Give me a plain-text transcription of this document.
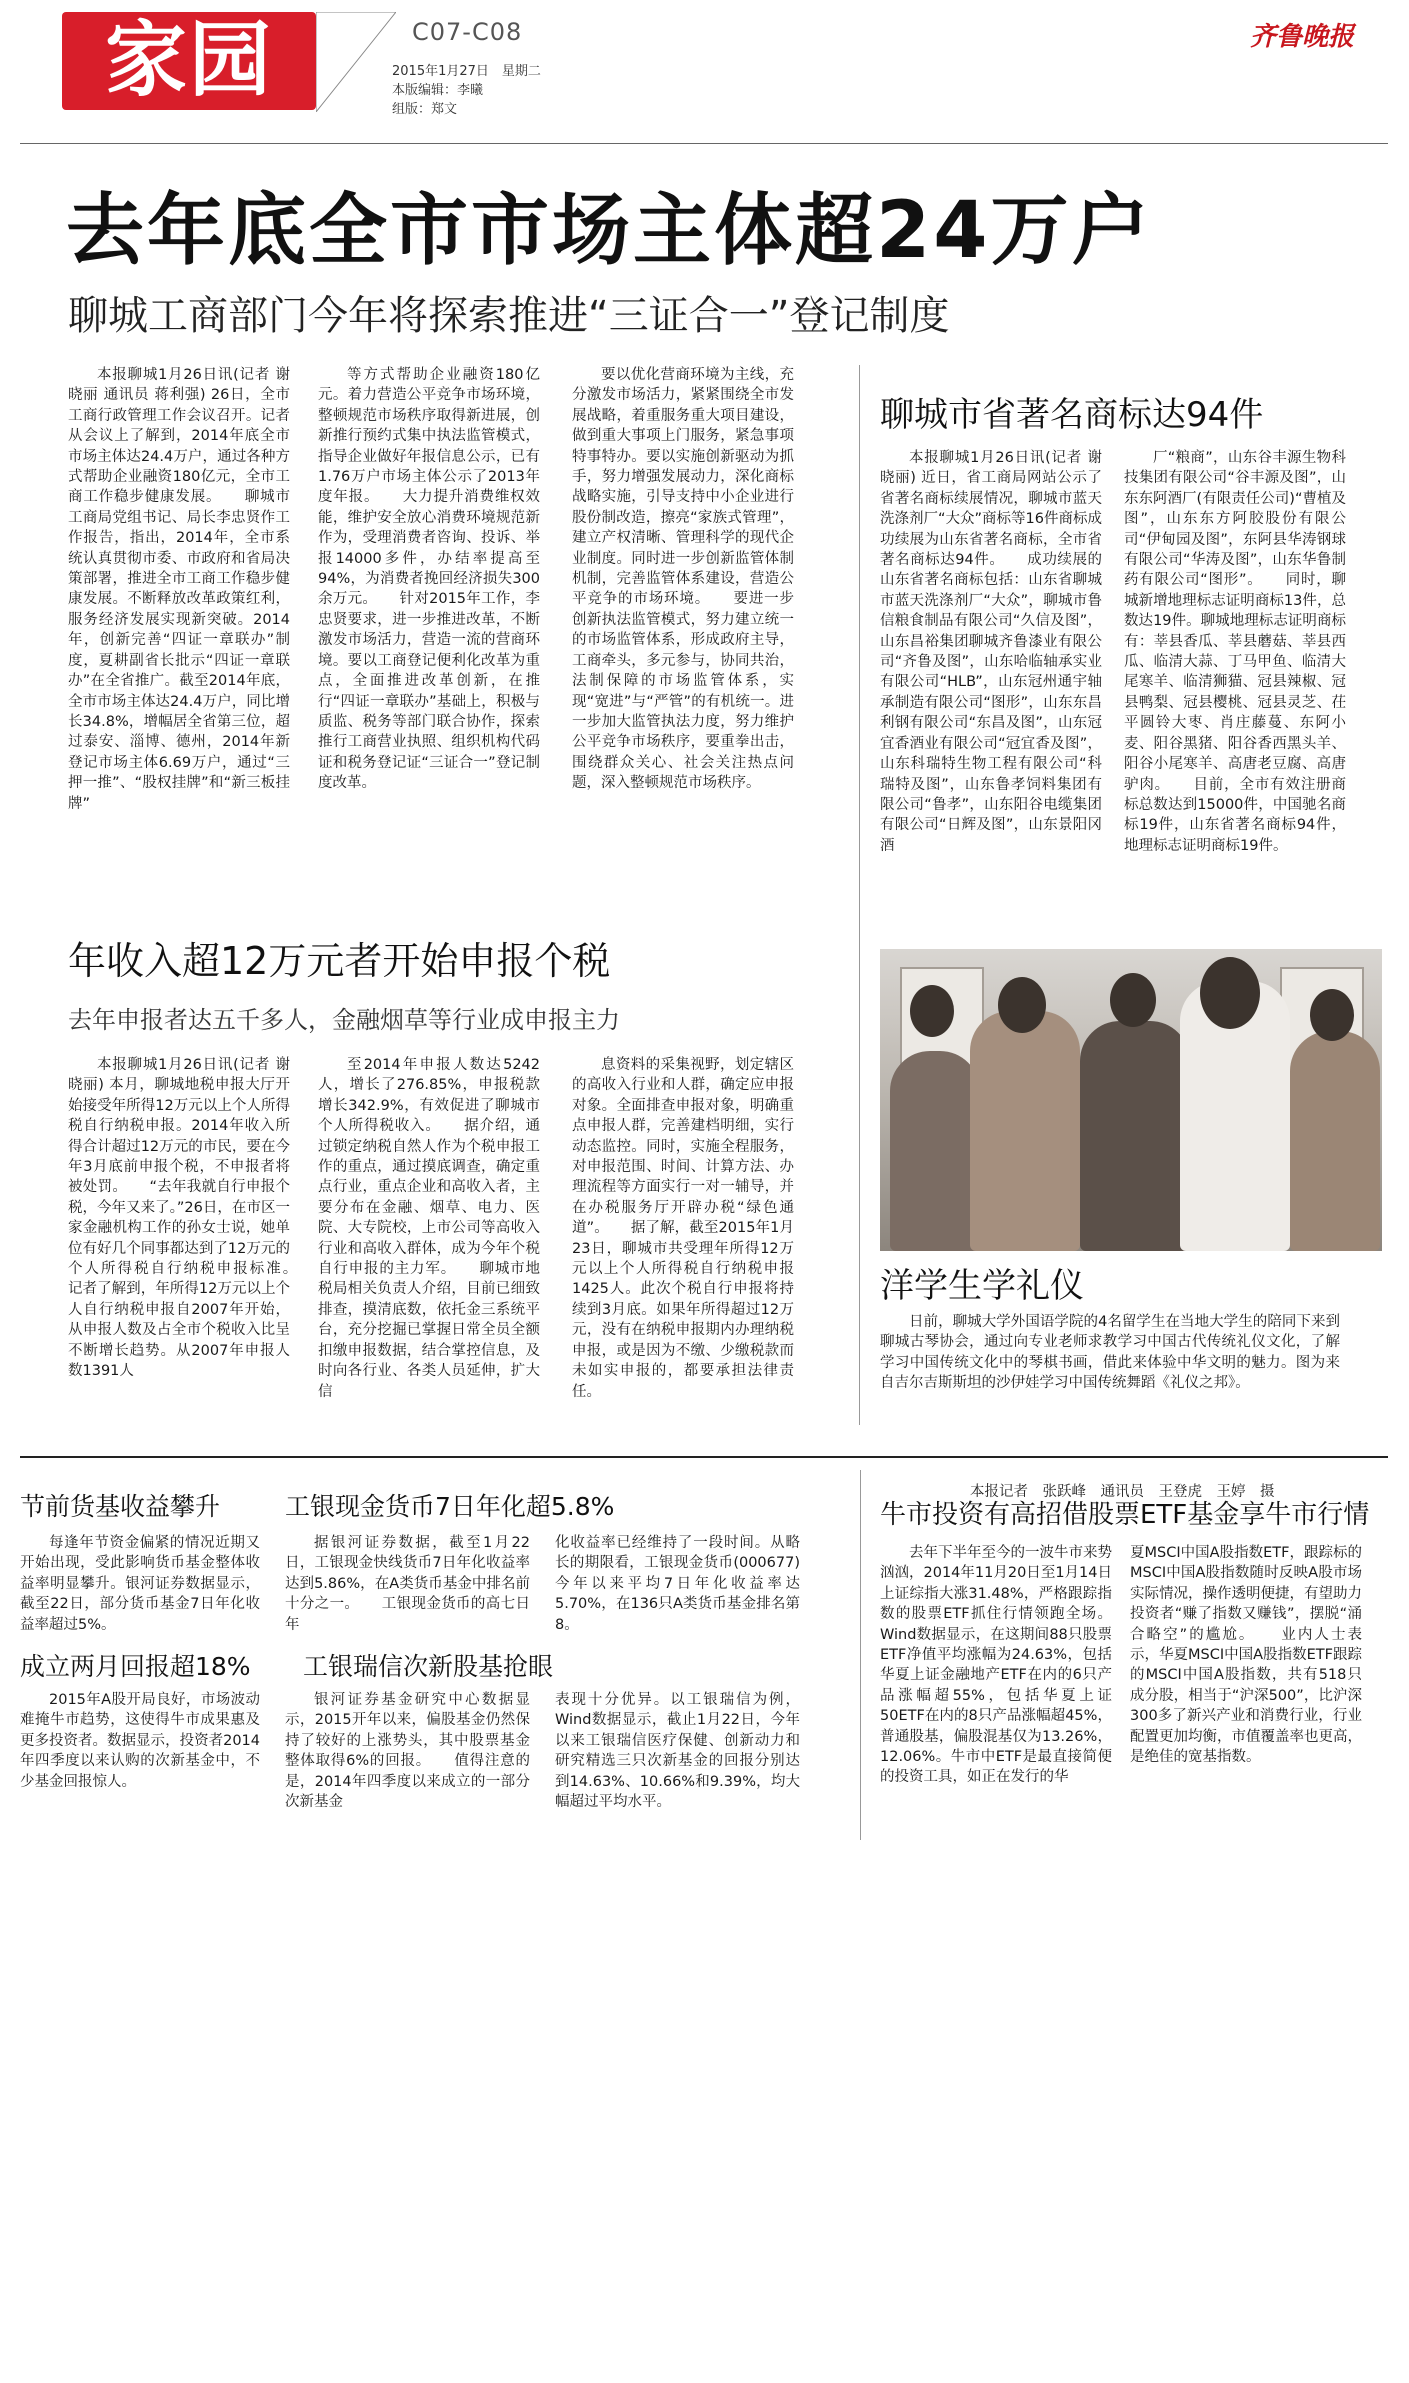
家园	C07-C08
2015年1月27日　星期二
本版编辑：李曦
组版：郑文
齐鲁晚报
去年底全市市场主体超24万户
聊城工商部门今年将探索推进“三证合一”登记制度

本报聊城1月26日讯(记者 谢晓丽 通讯员 蒋利强) 26日，全市工商行政管理工作会议召开。记者从会议上了解到，2014年底全市市场主体达24.4万户，通过各种方式帮助企业融资180亿元，全市工商工作稳步健康发展。　　聊城市工商局党组书记、局长李忠贤作工作报告，指出，2014年，全市系统认真贯彻市委、市政府和省局决策部署，推进全市工商工作稳步健康发展。不断释放改革政策红利，服务经济发展实现新突破。2014年，创新完善“四证一章联办”制度，夏耕副省长批示“四证一章联办”在全省推广。截至2014年底，全市市场主体达24.4万户，同比增长34.8%，增幅居全省第三位，超过泰安、淄博、德州，2014年新登记市场主体6.69万户，通过“三押一推”、“股权挂牌”和“新三板挂牌”

等方式帮助企业融资180亿元。着力营造公平竞争市场环境，整顿规范市场秩序取得新进展，创新推行预约式集中执法监管模式，指导企业做好年报信息公示，已有1.76万户市场主体公示了2013年度年报。　　大力提升消费维权效能，维护安全放心消费环境规范新作为，受理消费者咨询、投诉、举报14000多件，办结率提高至94%，为消费者挽回经济损失300余万元。　　针对2015年工作，李忠贤要求，进一步推进改革，不断激发市场活力，营造一流的营商环境。要以工商登记便利化改革为重点，全面推进改革创新，在推行“四证一章联办”基础上，积极与质监、税务等部门联合协作，探索推行工商营业执照、组织机构代码证和税务登记证“三证合一”登记制度改革。

要以优化营商环境为主线，充分激发市场活力，紧紧围绕全市发展战略，着重服务重大项目建设，做到重大事项上门服务，紧急事项特事特办。要以实施创新驱动为抓手，努力增强发展动力，深化商标战略实施，引导支持中小企业进行股份制改造，擦亮“家族式管理”，建立产权清晰、管理科学的现代企业制度。同时进一步创新监管体制机制，完善监管体系建设，营造公平竞争的市场环境。　　要进一步创新执法监管模式，努力建立统一的市场监管体系，形成政府主导，工商牵头，多元参与，协同共治，法制保障的市场监管体系，实现“宽进”与“严管”的有机统一。进一步加大监管执法力度，努力维护公平竞争市场秩序，要重拳出击，围绕群众关心、社会关注热点问题，深入整顿规范市场秩序。

聊城市省著名商标达94件

本报聊城1月26日讯(记者 谢晓丽) 近日，省工商局网站公示了省著名商标续展情况，聊城市蓝天洗涤剂厂“大众”商标等16件商标成功续展为山东省著名商标，全市省著名商标达94件。　　成功续展的山东省著名商标包括：山东省聊城市蓝天洗涤剂厂“大众”，聊城市鲁信粮食制品有限公司“久信及图”，山东昌裕集团聊城齐鲁漆业有限公司“齐鲁及图”，山东哈临轴承实业有限公司“HLB”，山东冠州通宇轴承制造有限公司“图形”，山东东昌利钢有限公司“东昌及图”，山东冠宜香酒业有限公司“冠宜香及图”，山东科瑞特生物工程有限公司“科瑞特及图”，山东鲁孝饲料集团有限公司“鲁孝”，山东阳谷电缆集团有限公司“日辉及图”，山东景阳冈酒

厂“粮商”，山东谷丰源生物科技集团有限公司“谷丰源及图”，山东东阿酒厂(有限责任公司)“曹植及图”，山东东方阿胶股份有限公司“伊甸园及图”，东阿县华涛钢球有限公司“华涛及图”，山东华鲁制药有限公司“图形”。　　同时，聊城新增地理标志证明商标13件，总数达19件。聊城地理标志证明商标有：莘县香瓜、莘县蘑菇、莘县西瓜、临清大蒜、丁马甲鱼、临清大尾寒羊、临清狮猫、冠县辣椒、冠县鸭梨、冠县樱桃、冠县灵芝、茌平圆铃大枣、肖庄藤蔓、东阿小麦、阳谷黑猪、阳谷香西黑头羊、阳谷小尾寒羊、高唐老豆腐、高唐驴肉。　　目前，全市有效注册商标总数达到15000件，中国驰名商标19件，山东省著名商标94件，地理标志证明商标19件。

年收入超12万元者开始申报个税
去年申报者达五千多人，金融烟草等行业成申报主力

本报聊城1月26日讯(记者 谢晓丽) 本月，聊城地税申报大厅开始接受年所得12万元以上个人所得税自行纳税申报。2014年收入所得合计超过12万元的市民，要在今年3月底前申报个税，不申报者将被处罚。　　“去年我就自行申报个税，今年又来了。”26日，在市区一家金融机构工作的孙女士说，她单位有好几个同事都达到了12万元的个人所得税自行纳税申报标准。　　记者了解到，年所得12万元以上个人自行纳税申报自2007年开始，从申报人数及占全市个税收入比呈不断增长趋势。从2007年申报人数1391人

至2014年申报人数达5242人，增长了276.85%，申报税款增长342.9%，有效促进了聊城市个人所得税收入。　　据介绍，通过锁定纳税自然人作为个税申报工作的重点，通过摸底调查，确定重点行业，重点企业和高收入者，主要分布在金融、烟草、电力、医院、大专院校，上市公司等高收入行业和高收入群体，成为今年个税自行申报的主力军。　　聊城市地税局相关负责人介绍，目前已细致排查，摸清底数，依托金三系统平台，充分挖掘已掌握日常全员全额扣缴申报数据，结合掌控信息，及时向各行业、各类人员延伸，扩大信

息资料的采集视野，划定辖区的高收入行业和人群，确定应申报对象。全面排查申报对象，明确重点申报人群，完善建档明细，实行动态监控。同时，实施全程服务，对申报范围、时间、计算方法、办理流程等方面实行一对一辅导，并在办税服务厅开辟办税“绿色通道”。　　据了解，截至2015年1月23日，聊城市共受理年所得12万元以上个人所得税自行纳税申报1425人。此次个税自行申报将持续到3月底。如果年所得超过12万元，没有在纳税申报期内办理纳税申报，或是因为不缴、少缴税款而未如实申报的，都要承担法律责任。

洋学生学礼仪

日前，聊城大学外国语学院的4名留学生在当地大学生的陪同下来到聊城古琴协会，通过向专业老师求教学习中国古代传统礼仪文化，了解学习中国传统文化中的琴棋书画，借此来体验中华文明的魅力。图为来自吉尔吉斯斯坦的沙伊娃学习中国传统舞蹈《礼仪之邦》。

本报记者　张跃峰　通讯员　王登虎　王婷　摄
节前货基收益攀升

每逢年节资金偏紧的情况近期又开始出现，受此影响货币基金整体收益率明显攀升。银河证券数据显示，截至22日，部分货币基金7日年化收益率超过5%。

工银现金货币7日年化超5.8%

据银河证券数据，截至1月22日，工银现金快线货币7日年化收益率达到5.86%，在A类货币基金中排名前十分之一。　　工银现金货币的高七日年

化收益率已经维持了一段时间。从略长的期限看，工银现金货币(000677)今年以来平均7日年化收益率达5.70%，在136只A类货币基金排名第8。

成立两月回报超18%

2015年A股开局良好，市场波动难掩牛市趋势，这使得牛市成果惠及更多投资者。数据显示，投资者2014年四季度以来认购的次新基金中，不少基金回报惊人。

工银瑞信次新股基抢眼

银河证券基金研究中心数据显示，2015开年以来，偏股基金仍然保持了较好的上涨势头，其中股票基金整体取得6%的回报。　　值得注意的是，2014年四季度以来成立的一部分次新基金

表现十分优异。以工银瑞信为例，Wind数据显示，截止1月22日，今年以来工银瑞信医疗保健、创新动力和研究精选三只次新基金的回报分别达到14.63%、10.66%和9.39%，均大幅超过平均水平。

牛市投资有高招借股票ETF基金享牛市行情

去年下半年至今的一波牛市来势汹汹，2014年11月20日至1月14日上证综指大涨31.48%，严格跟踪指数的股票ETF抓住行情领跑全场。Wind数据显示，在这期间88只股票ETF净值平均涨幅为24.63%，包括华夏上证金融地产ETF在内的6只产品涨幅超55%，包括华夏上证50ETF在内的8只产品涨幅超45%，普通股基，偏股混基仅为13.26%，12.06%。牛市中ETF是最直接简便的投资工具，如正在发行的华

夏MSCI中国A股指数ETF，跟踪标的MSCI中国A股指数随时反映A股市场实际情况，操作透明便捷，有望助力投资者“赚了指数又赚钱”，摆脱“涌合略空”的尴尬。　　业内人士表示，华夏MSCI中国A股指数ETF跟踪的MSCI中国A股指数，共有518只成分股，相当于“沪深500”，比沪深300多了新兴产业和消费行业，行业配置更加均衡，市值覆盖率也更高，是绝佳的宽基指数。
